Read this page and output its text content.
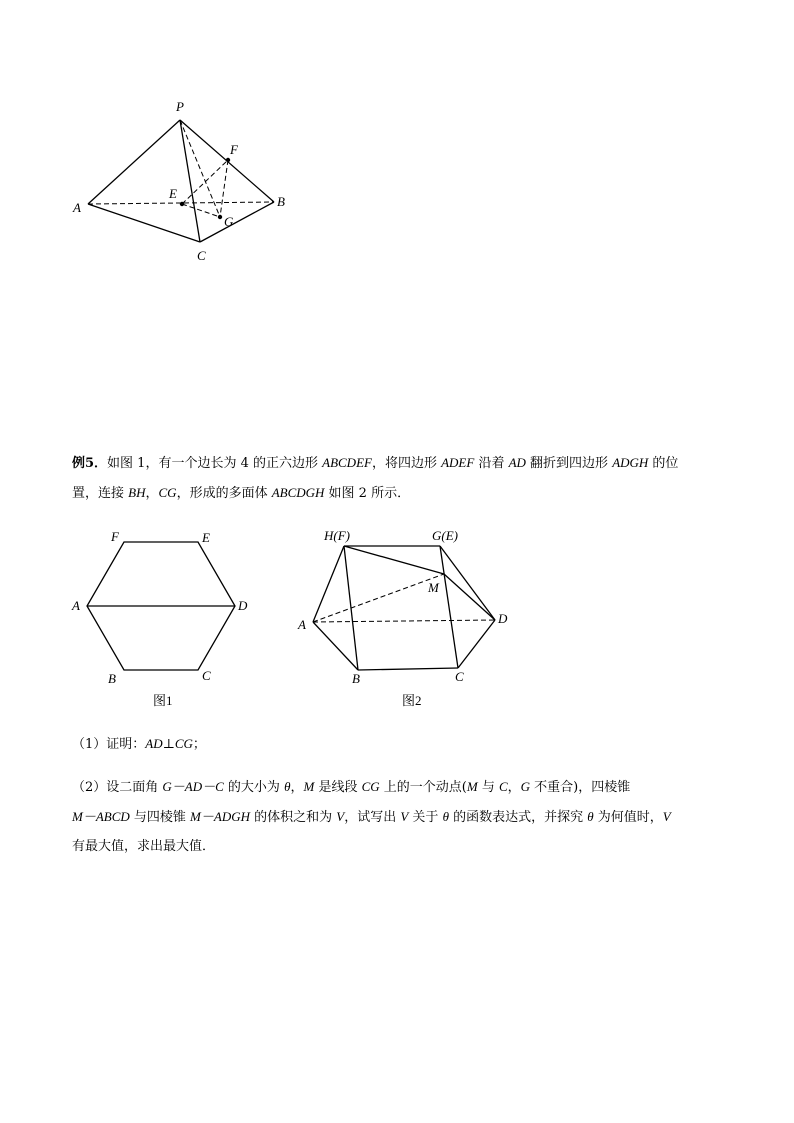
P
F
E
A	B
G
C

例5．如图 1，有一个边长为 4 的正六边形 ABCDEF，将四边形 ADEF 沿着 AD 翻折到四边形 ADGH 的位
置，连接 BH，CG，形成的多面体 ABCDGH 如图 2 所示．

F	E
A	D
B	C
图1
H(F)	G(E)
M
A	D
B	C
图2

（1）证明：AD⊥CG；

（2）设二面角 G－AD－C 的大小为 θ，M 是线段 CG 上的一个动点(M 与 C，G 不重合)，四棱锥
M－ABCD 与四棱锥 M－ADGH 的体积之和为 V，试写出 V 关于 θ 的函数表达式，并探究 θ 为何值时，V
有最大值，求出最大值．
